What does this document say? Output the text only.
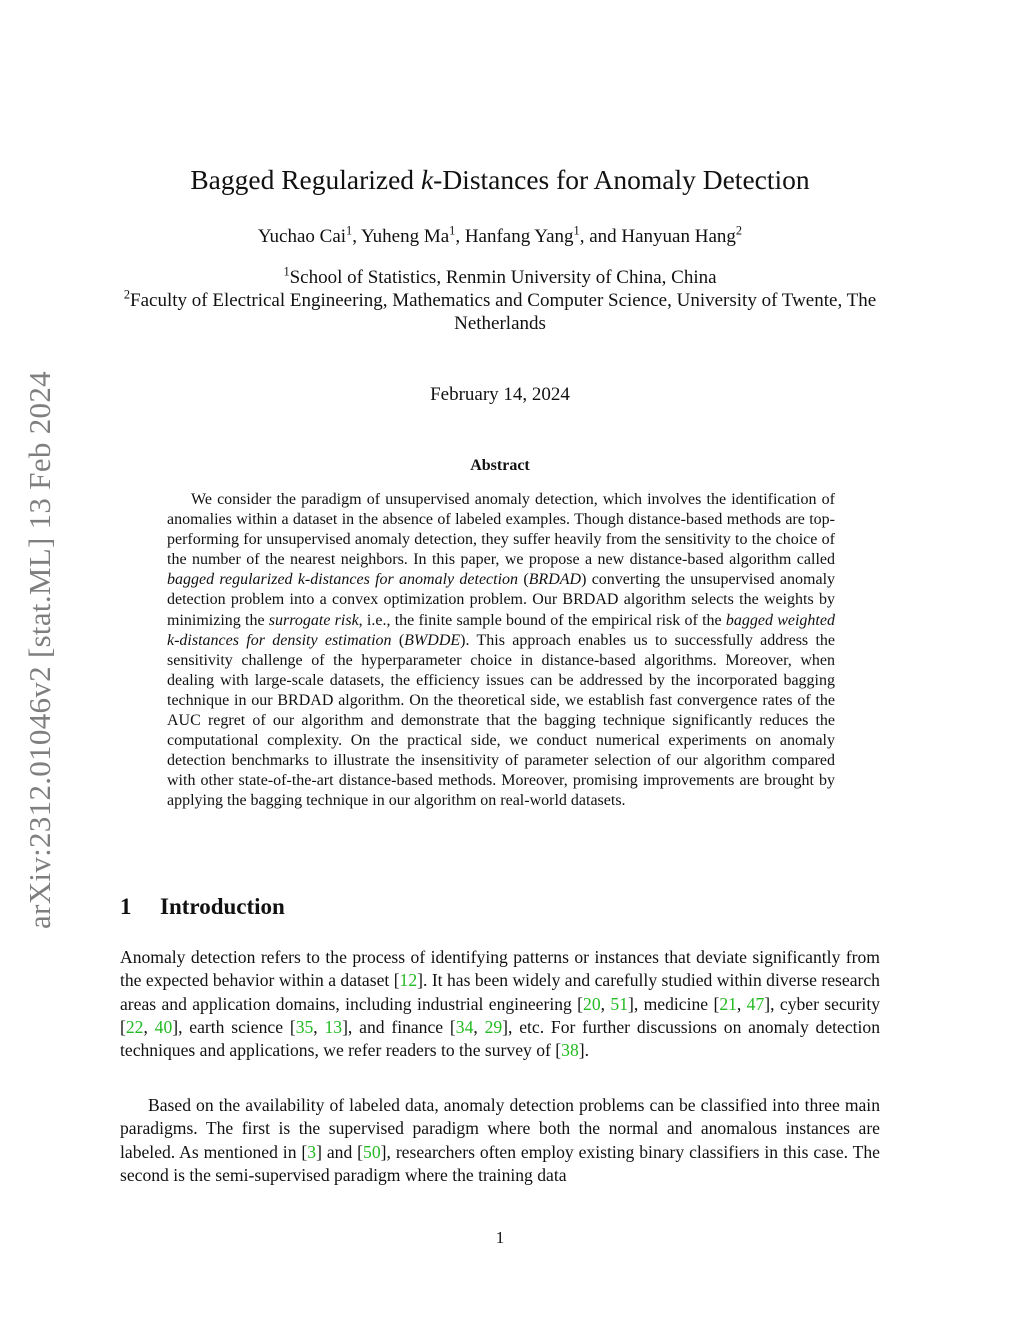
arXiv:2312.01046v2 [stat.ML] 13 Feb 2024
Bagged Regularized k-Distances for Anomaly Detection
Yuchao Cai$^1$, Yuheng Ma$^1$, Hanfang Yang$^1$, and Hanyuan Hang$^2$
$^1$School of Statistics, Renmin University of China, China
$^2$Faculty of Electrical Engineering, Mathematics and Computer Science, University of Twente, The Netherlands
February 14, 2024
Abstract
We consider the paradigm of unsupervised anomaly detection, which involves the identification of anomalies within a dataset in the absence of labeled examples. Though distance-based methods are top-performing for unsupervised anomaly detection, they suffer heavily from the sensitivity to the choice of the number of the nearest neighbors. In this paper, we propose a new distance-based algorithm called bagged regularized k-distances for anomaly detection (BRDAD) converting the unsupervised anomaly detection problem into a convex optimization problem. Our BRDAD algorithm selects the weights by minimizing the surrogate risk, i.e., the finite sample bound of the empirical risk of the bagged weighted k-distances for density estimation (BWDDE). This approach enables us to successfully address the sensitivity challenge of the hyperparameter choice in distance-based algorithms. Moreover, when dealing with large-scale datasets, the efficiency issues can be addressed by the incorporated bagging technique in our BRDAD algorithm. On the theoretical side, we establish fast convergence rates of the AUC regret of our algorithm and demonstrate that the bagging technique significantly reduces the computational complexity. On the practical side, we conduct numerical experiments on anomaly detection benchmarks to illustrate the insensitivity of parameter selection of our algorithm compared with other state-of-the-art distance-based methods. Moreover, promising improvements are brought by applying the bagging technique in our algorithm on real-world datasets.
1 Introduction
Anomaly detection refers to the process of identifying patterns or instances that deviate significantly from the expected behavior within a dataset [12]. It has been widely and carefully studied within diverse research areas and application domains, including industrial engineering [20, 51], medicine [21, 47], cyber security [22, 40], earth science [35, 13], and finance [34, 29], etc. For further discussions on anomaly detection techniques and applications, we refer readers to the survey of [38].
Based on the availability of labeled data, anomaly detection problems can be classified into three main paradigms. The first is the supervised paradigm where both the normal and anomalous instances are labeled. As mentioned in [3] and [50], researchers often employ existing binary classifiers in this case. The second is the semi-supervised paradigm where the training data
1
